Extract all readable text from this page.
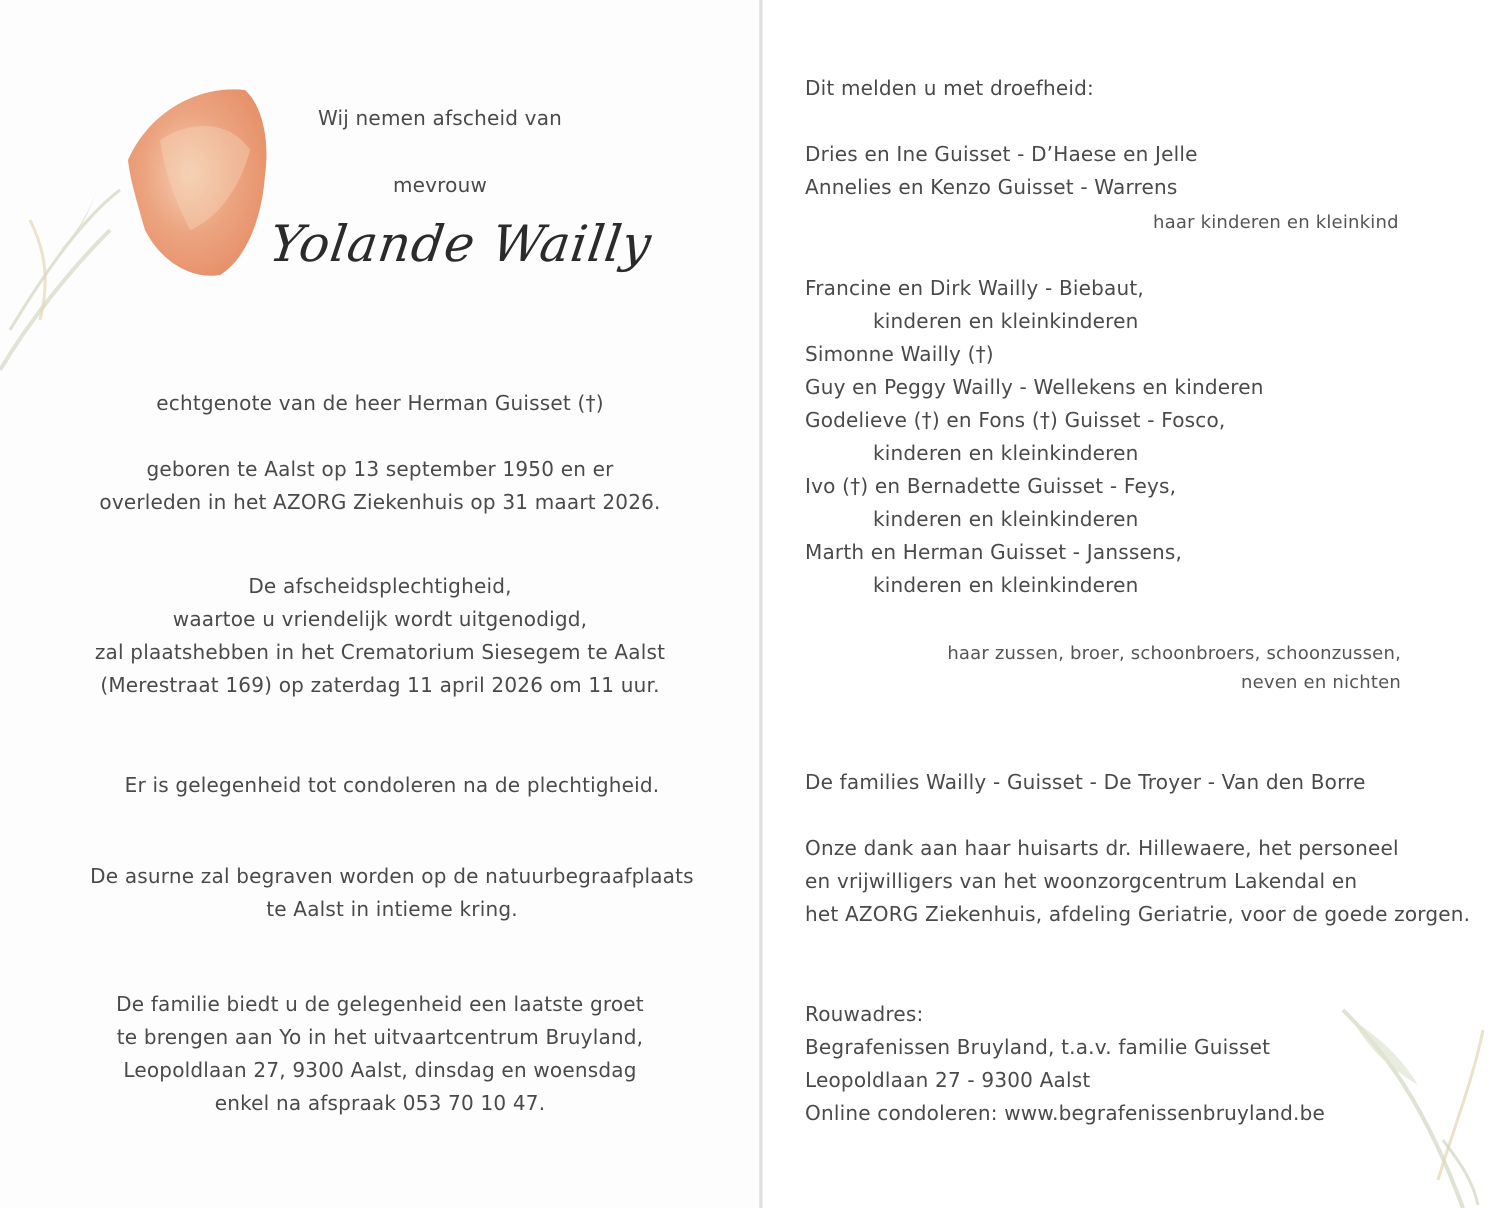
Wij nemen afscheid van

mevrouw

Yolande Wailly

echtgenote van de heer Herman Guisset (†)

geboren te Aalst op 13 september 1950 en er

overleden in het AZORG Ziekenhuis op 31 maart 2026.

De afscheidsplechtigheid,

waartoe u vriendelijk wordt uitgenodigd,

zal plaatshebben in het Crematorium Siesegem te Aalst

(Merestraat 169) op zaterdag 11 april 2026 om 11 uur.

Er is gelegenheid tot condoleren na de plechtigheid.

De asurne zal begraven worden op de natuurbegraafplaats

te Aalst in intieme kring.

De familie biedt u de gelegenheid een laatste groet

te brengen aan Yo in het uitvaartcentrum Bruyland,

Leopoldlaan 27, 9300 Aalst, dinsdag en woensdag

enkel na afspraak 053 70 10 47.

Dit melden u met droefheid:

Dries en Ine Guisset - D’Haese en Jelle

Annelies en Kenzo Guisset - Warrens

haar kinderen en kleinkind

Francine en Dirk Wailly - Biebaut,

kinderen en kleinkinderen

Simonne Wailly (†)

Guy en Peggy Wailly - Wellekens en kinderen

Godelieve (†) en Fons (†) Guisset - Fosco,

kinderen en kleinkinderen

Ivo (†) en Bernadette Guisset - Feys,

kinderen en kleinkinderen

Marth en Herman Guisset - Janssens,

kinderen en kleinkinderen

haar zussen, broer, schoonbroers, schoonzussen,

neven en nichten

De families Wailly - Guisset - De Troyer - Van den Borre

Onze dank aan haar huisarts dr. Hillewaere, het personeel

en vrijwilligers van het woonzorgcentrum Lakendal en

het AZORG Ziekenhuis, afdeling Geriatrie, voor de goede zorgen.

Rouwadres:

Begrafenissen Bruyland, t.a.v. familie Guisset

Leopoldlaan 27 - 9300 Aalst

Online condoleren: www.begrafenissenbruyland.be
